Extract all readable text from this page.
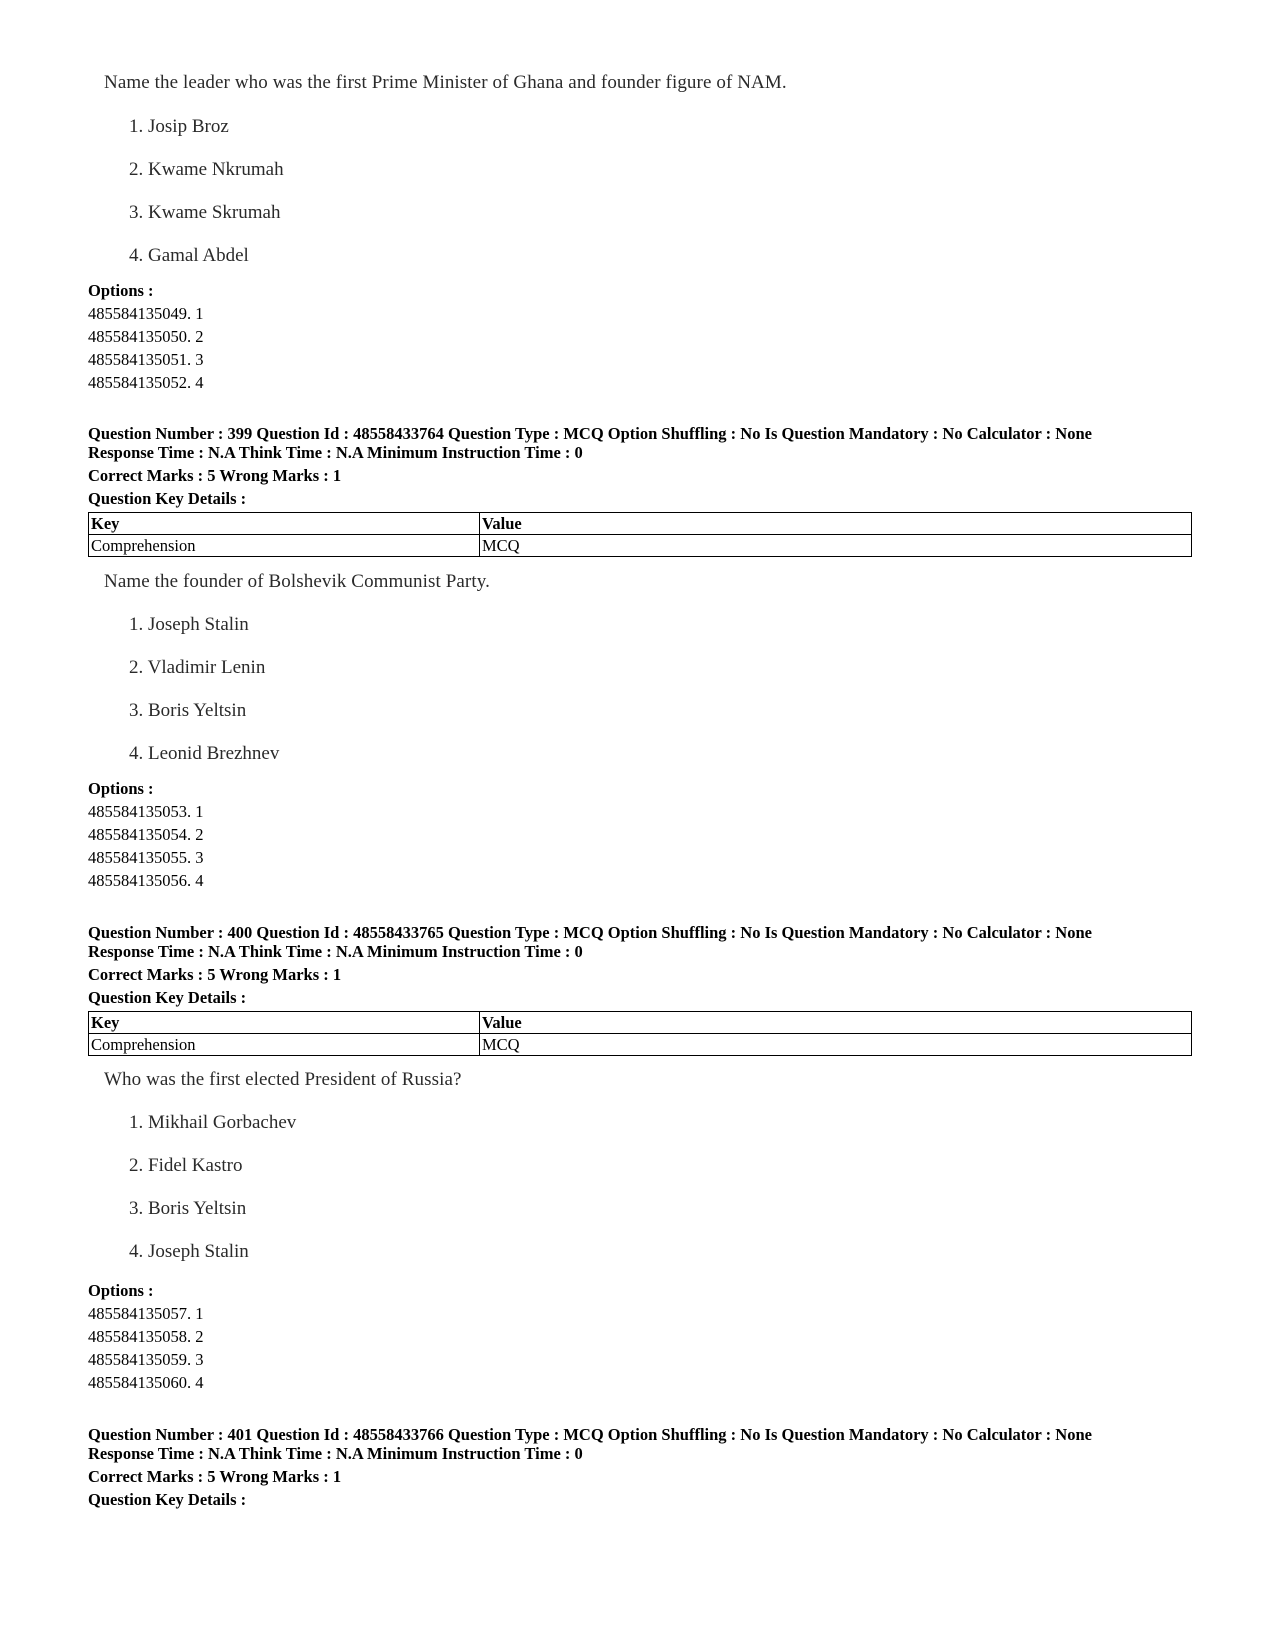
Name the leader who was the first Prime Minister of Ghana and founder figure of NAM.
1. Josip Broz
2. Kwame Nkrumah
3. Kwame Skrumah
4. Gamal Abdel
Options :
485584135049. 1
485584135050. 2
485584135051. 3
485584135052. 4
Question Number : 399 Question Id : 48558433764 Question Type : MCQ Option Shuffling : No Is Question Mandatory : No Calculator : None
Response Time : N.A Think Time : N.A Minimum Instruction Time : 0
Correct Marks : 5 Wrong Marks : 1
Question Key Details :
Key	Value
Comprehension	MCQ
Name the founder of Bolshevik Communist Party.
1. Joseph Stalin
2. Vladimir Lenin
3. Boris Yeltsin
4. Leonid Brezhnev
Options :
485584135053. 1
485584135054. 2
485584135055. 3
485584135056. 4
Question Number : 400 Question Id : 48558433765 Question Type : MCQ Option Shuffling : No Is Question Mandatory : No Calculator : None
Response Time : N.A Think Time : N.A Minimum Instruction Time : 0
Correct Marks : 5 Wrong Marks : 1
Question Key Details :
Key	Value
Comprehension	MCQ
Who was the first elected President of Russia?
1. Mikhail Gorbachev
2. Fidel Kastro
3. Boris Yeltsin
4. Joseph Stalin
Options :
485584135057. 1
485584135058. 2
485584135059. 3
485584135060. 4
Question Number : 401 Question Id : 48558433766 Question Type : MCQ Option Shuffling : No Is Question Mandatory : No Calculator : None
Response Time : N.A Think Time : N.A Minimum Instruction Time : 0
Correct Marks : 5 Wrong Marks : 1
Question Key Details :
